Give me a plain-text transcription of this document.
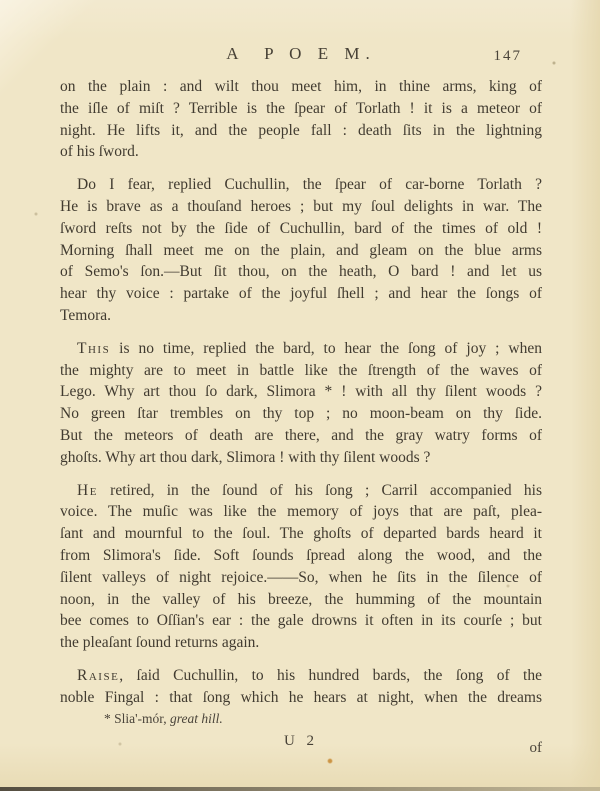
A  P O E M.	147
on the plain : and wilt thou meet him, in thine arms, king of
the iſle of miſt ? Terrible is the ſpear of Torlath ! it is a meteor of
night. He lifts it, and the people fall : death ſits in the lightning
of his ſword.
Do I fear, replied Cuchullin, the ſpear of car-borne Torlath ?
He is brave as a thouſand heroes ; but my ſoul delights in war. The
ſword reſts not by the ſide of Cuchullin, bard of the times of old !
Morning ſhall meet me on the plain, and gleam on the blue arms
of Semo's ſon.—But ſit thou, on the heath, O bard ! and let us
hear thy voice : partake of the joyful ſhell ; and hear the ſongs of
Temora.
This is no time, replied the bard, to hear the ſong of joy ; when
the mighty are to meet in battle like the ſtrength of the waves of
Lego. Why art thou ſo dark, Slimora * ! with all thy ſilent woods ?
No green ſtar trembles on thy top ; no moon-beam on thy ſide.
But the meteors of death are there, and the gray watry forms of
ghoſts. Why art thou dark, Slimora ! with thy ſilent woods ?
He retired, in the ſound of his ſong ; Carril accompanied his
voice. The muſic was like the memory of joys that are paſt, plea-
ſant and mournful to the ſoul. The ghoſts of departed bards heard it
from Slimora's ſide. Soft ſounds ſpread along the wood, and the
ſilent valleys of night rejoice.——So, when he ſits in the ſilence of
noon, in the valley of his breeze, the humming of the mountain
bee comes to Oſſian's ear : the gale drowns it often in its courſe ; but
the pleaſant ſound returns again.
Raise, ſaid Cuchullin, to his hundred bards, the ſong of the
noble Fingal : that ſong which he hears at night, when the dreams
* Slia'-mór, great hill.
U 2	of
